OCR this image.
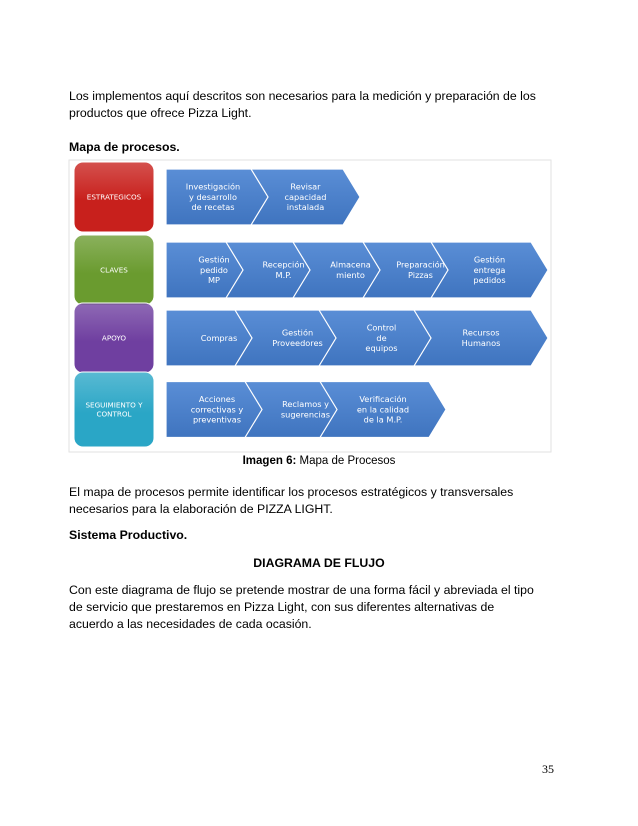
Los implementos aquí descritos son necesarios para la medición y preparación de los
productos que ofrece Pizza Light.

Mapa de procesos.

ESTRATEGICOS
Investigación
y desarrollo
de recetas
Revisar
capacidad
instalada
CLAVES
Gestión
pedido
MP
Recepción
M.P.
Almacena
miento
Preparación
Pizzas
Gestión
entrega
pedidos
APOYO	Compras
Gestión
Proveedores
Control
de
equipos
Recursos
Humanos
SEGUIMIENTO Y
CONTROL
Acciones
correctivas y
preventivas
Reclamos y
sugerencias
Verificación
en la calidad
de la M.P.
Imagen 6: Mapa de Procesos

El mapa de procesos permite identificar los procesos estratégicos y transversales
necesarios para la elaboración de PIZZA LIGHT.

Sistema Productivo.

DIAGRAMA DE FLUJO

Con este diagrama de flujo se pretende mostrar de una forma fácil y abreviada el tipo
de servicio que prestaremos en Pizza Light, con sus diferentes alternativas de
acuerdo a las necesidades de cada ocasión.

35
